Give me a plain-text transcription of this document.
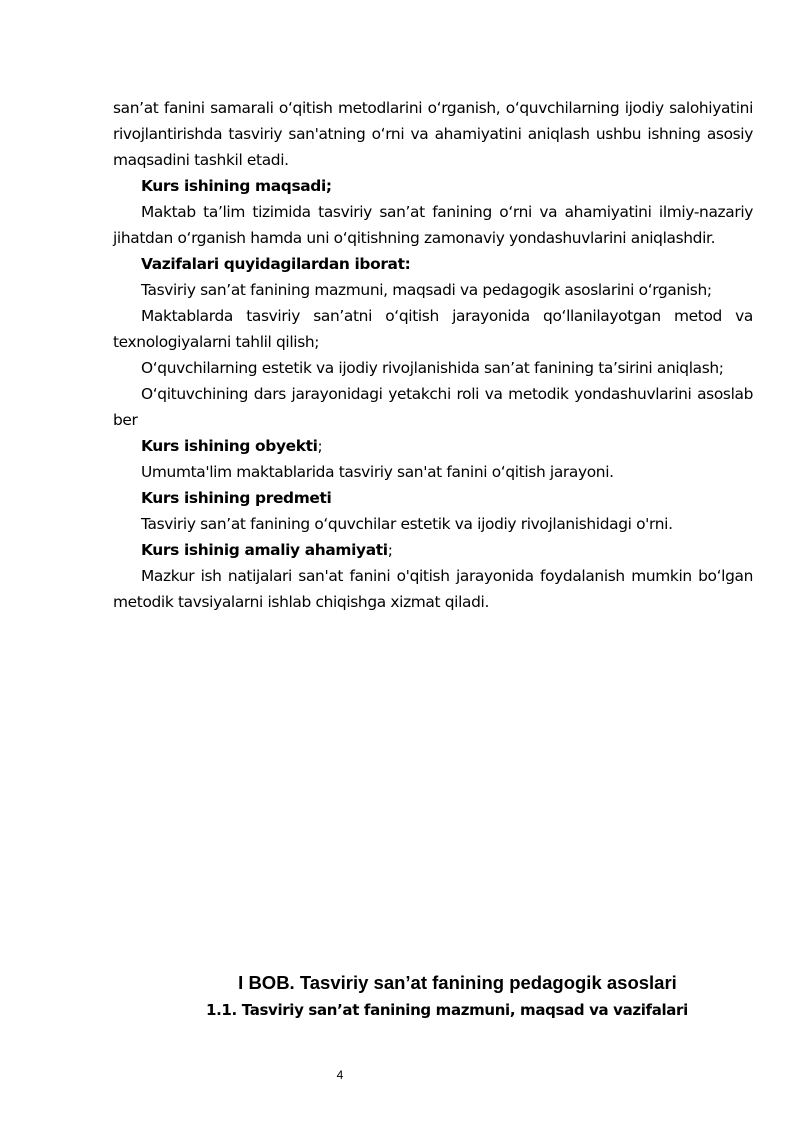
san’at fanini samarali oʻqitish metodlarini oʻrganish, oʻquvchilarning ijodiy salohiyatini rivojlantirishda tasviriy san'atning oʻrni va ahamiyatini aniqlash ushbu ishning asosiy maqsadini tashkil etadi.

Kurs ishining maqsadi;

Maktab ta’lim tizimida tasviriy san’at fanining o‘rni va ahamiyatini ilmiy-nazariy jihatdan o‘rganish hamda uni o‘qitishning zamonaviy yondashuvlarini aniqlashdir.

Vazifalari quyidagilardan iborat:

Tasviriy san’at fanining mazmuni, maqsadi va pedagogik asoslarini oʻrganish;

Maktablarda tasviriy san’atni o‘qitish jarayonida qo‘llanilayotgan metod va texnologiyalarni tahlil qilish;

O‘quvchilarning estetik va ijodiy rivojlanishida san’at fanining ta’sirini aniqlash;

O‘qituvchining dars jarayonidagi yetakchi roli va metodik yondashuvlarini asoslab ber

Kurs ishining obyekti;

Umumta'lim maktablarida tasviriy san'at fanini oʻqitish jarayoni.

Kurs ishining predmeti

Tasviriy san’at fanining oʻquvchilar estetik va ijodiy rivojlanishidagi o'rni.

Kurs ishinig amaliy ahamiyati;

Mazkur ish natijalari san'at fanini o'qitish jarayonida foydalanish mumkin boʻlgan metodik tavsiyalarni ishlab chiqishga xizmat qiladi.

I BOB. Tasviriy san’at fanining pedagogik asoslari
1.1. Tasviriy san’at fanining mazmuni, maqsad va vazifalari
4
